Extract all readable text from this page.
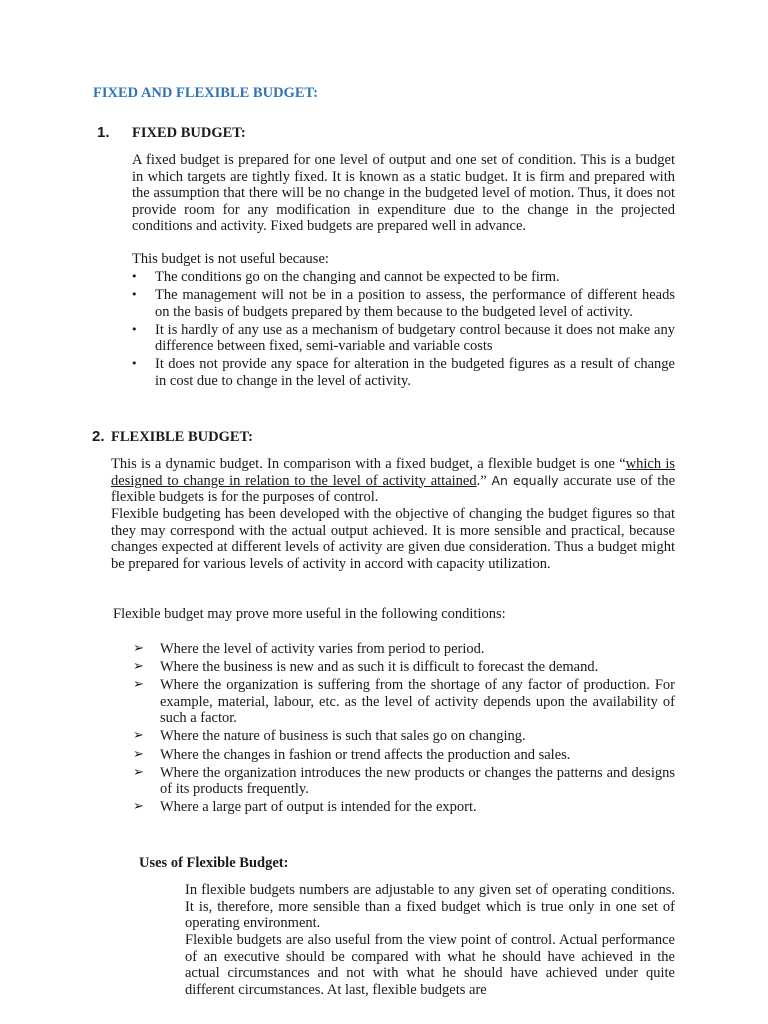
FIXED AND FLEXIBLE BUDGET:
1. FIXED BUDGET:

A fixed budget is prepared for one level of output and one set of condition. This is a budget in which targets are tightly fixed. It is known as a static budget. It is firm and prepared with the assumption that there will be no change in the budgeted level of motion. Thus, it does not provide room for any modification in expenditure due to the change in the projected conditions and activity. Fixed budgets are prepared well in advance.

This budget is not useful because:

• The conditions go on the changing and cannot be expected to be firm.
• The management will not be in a position to assess, the performance of different heads on the basis of budgets prepared by them because to the budgeted level of activity.
• It is hardly of any use as a mechanism of budgetary control because it does not make any difference between fixed, semi-variable and variable costs
• It does not provide any space for alteration in the budgeted figures as a result of change in cost due to change in the level of activity.
2. FLEXIBLE BUDGET:

This is a dynamic budget. In comparison with a fixed budget, a flexible budget is one “which is designed to change in relation to the level of activity attained.” An equally accurate use of the flexible budgets is for the purposes of control.

Flexible budgeting has been developed with the objective of changing the budget figures so that they may correspond with the actual output achieved. It is more sensible and practical, because changes expected at different levels of activity are given due consideration. Thus a budget might be prepared for various levels of activity in accord with capacity utilization.

Flexible budget may prove more useful in the following conditions:

➢ Where the level of activity varies from period to period.
➢ Where the business is new and as such it is difficult to forecast the demand.
➢ Where the organization is suffering from the shortage of any factor of production. For example, material, labour, etc. as the level of activity depends upon the availability of such a factor.
➢ Where the nature of business is such that sales go on changing.
➢ Where the changes in fashion or trend affects the production and sales.
➢ Where the organization introduces the new products or changes the patterns and designs of its products frequently.
➢ Where a large part of output is intended for the export.
Uses of Flexible Budget:

In flexible budgets numbers are adjustable to any given set of operating conditions. It is, therefore, more sensible than a fixed budget which is true only in one set of operating environment.

Flexible budgets are also useful from the view point of control. Actual performance of an executive should be compared with what he should have achieved in the actual circumstances and not with what he should have achieved under quite different circumstances. At last, flexible budgets are
